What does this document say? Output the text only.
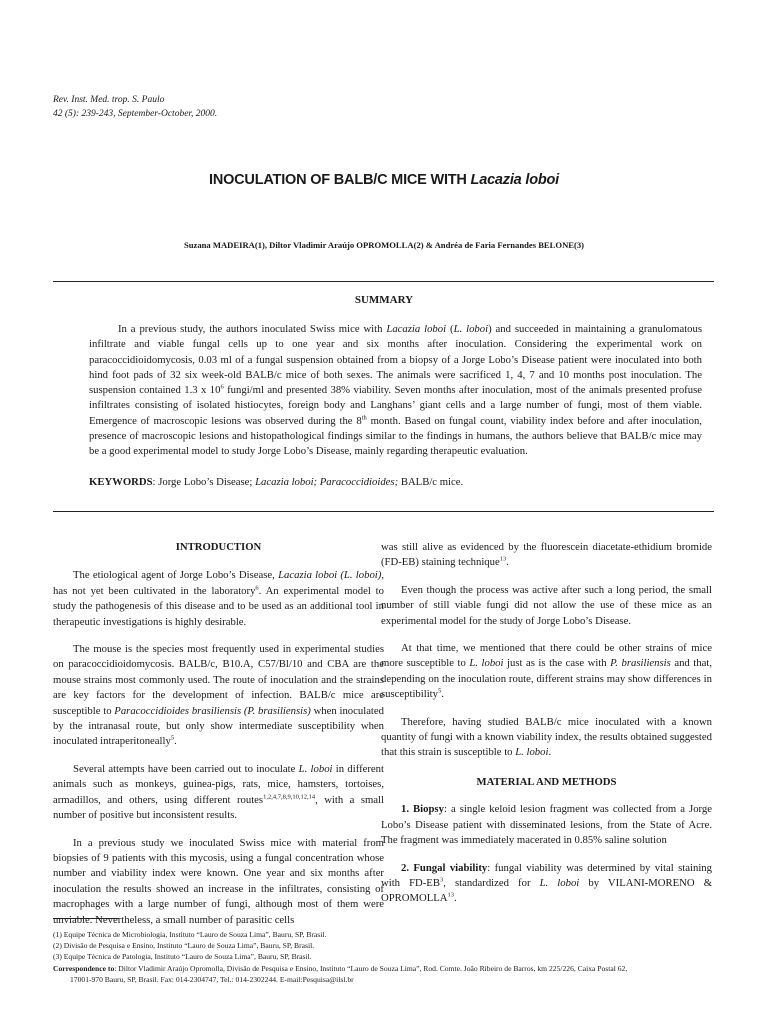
Rev. Inst. Med. trop. S. Paulo
42 (5): 239-243, September-October, 2000.
INOCULATION OF BALB/C MICE WITH Lacazia loboi
Suzana MADEIRA(1), Diltor Vladimir Araújo OPROMOLLA(2) & Andréa de Faria Fernandes BELONE(3)
SUMMARY

In a previous study, the authors inoculated Swiss mice with Lacazia loboi (L. loboi) and succeeded in maintaining a granulomatous infiltrate and viable fungal cells up to one year and six months after inoculation. Considering the experimental work on paracoccidioidomycosis, 0.03 ml of a fungal suspension obtained from a biopsy of a Jorge Lobo’s Disease patient were inoculated into both hind foot pads of 32 six week-old BALB/c mice of both sexes. The animals were sacrificed 1, 4, 7 and 10 months post inoculation. The suspension contained 1.3 x $10^6$ fungi/ml and presented 38% viability. Seven months after inoculation, most of the animals presented profuse infiltrates consisting of isolated histiocytes, foreign body and Langhans’ giant cells and a large number of fungi, most of them viable. Emergence of macroscopic lesions was observed during the 8th month. Based on fungal count, viability index before and after inoculation, presence of macroscopic lesions and histopathological findings similar to the findings in humans, the authors believe that BALB/c mice may be a good experimental model to study Jorge Lobo’s Disease, mainly regarding therapeutic evaluation.

KEYWORDS: Jorge Lobo’s Disease; Lacazia loboi; Paracoccidioides; BALB/c mice.

INTRODUCTION

The etiological agent of Jorge Lobo’s Disease, Lacazia loboi (L. loboi), has not yet been cultivated in the laboratory$^6$. An experimental model to study the pathogenesis of this disease and to be used as an additional tool in therapeutic investigations is highly desirable.

The mouse is the species most frequently used in experimental studies on paracoccidioidomycosis. BALB/c, B10.A, C57/Bl/10 and CBA are the mouse strains most commonly used. The route of inoculation and the strains are key factors for the development of infection. BALB/c mice are susceptible to Paracoccidioides brasiliensis (P. brasiliensis) when inoculated by the intranasal route, but only show intermediate susceptibility when inoculated intraperitoneally$^5$.

Several attempts have been carried out to inoculate L. loboi in different animals such as monkeys, guinea-pigs, rats, mice, hamsters, tortoises, armadillos, and others, using different routes$^{1,2,4,7,8,9,10,12,14}$, with a small number of positive but inconsistent results.

In a previous study we inoculated Swiss mice with material from biopsies of 9 patients with this mycosis, using a fungal concentration whose number and viability index were known. One year and six months after inoculation the results showed an increase in the infiltrates, consisting of macrophages with a large number of fungi, although most of them were unviable. Nevertheless, a small number of parasitic cells

was still alive as evidenced by the fluorescein diacetate-ethidium bromide (FD-EB) staining technique$^{13}$.

Even though the process was active after such a long period, the small number of still viable fungi did not allow the use of these mice as an experimental model for the study of Jorge Lobo’s Disease.

At that time, we mentioned that there could be other strains of mice more susceptible to L. loboi just as is the case with P. brasiliensis and that, depending on the inoculation route, different strains may show differences in susceptibility$^5$.

Therefore, having studied BALB/c mice inoculated with a known quantity of fungi with a known viability index, the results obtained suggested that this strain is susceptible to L. loboi.

MATERIAL AND METHODS

1. Biopsy: a single keloid lesion fragment was collected from a Jorge Lobo’s Disease patient with disseminated lesions, from the State of Acre. The fragment was immediately macerated in 0.85% saline solution

2. Fungal viability: fungal viability was determined by vital staining with $FD-EB^3$, standardized for L. loboi by VILANI-MORENO & OPROMOLLA$^{13}$.

(1) Equipe Técnica de Microbiologia, Instituto “Lauro de Souza Lima”, Bauru, SP, Brasil.
(2) Divisão de Pesquisa e Ensino, Instituto “Lauro de Souza Lima”, Bauru, SP, Brasil.
(3) Equipe Técnica de Patologia, Instituto “Lauro de Souza Lima”, Bauru, SP, Brasil.
Correspondence to: Diltor Vladimir Araújo Opromolla, Divisão de Pesquisa e Ensino, Instituto “Lauro de Souza Lima”, Rod. Comte. João Ribeiro de Barros, km 225/226, Caixa Postal 62,
17001-970 Bauru, SP, Brasil. Fax: 014-2304747, Tel.: 014-2302244. E-mail:Pesquisa@ilsl.br
